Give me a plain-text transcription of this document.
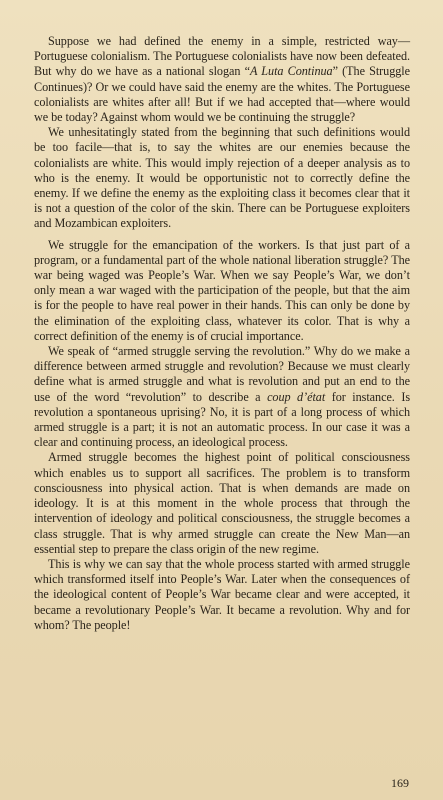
Suppose we had defined the enemy in a simple, restricted way—Portuguese colonialism. The Portuguese colonialists have now been defeated. But why do we have as a national slogan “A Luta Continua” (The Struggle Continues)? Or we could have said the enemy are the whites. The Portuguese colonialists are whites after all! But if we had accepted that—where would we be today? Against whom would we be continuing the struggle?

We unhesitatingly stated from the beginning that such definitions would be too facile—that is, to say the whites are our enemies because the colonialists are white. This would imply rejection of a deeper analysis as to who is the enemy. It would be opportunistic not to correctly define the enemy. If we define the enemy as the exploiting class it becomes clear that it is not a question of the color of the skin. There can be Portuguese exploiters and Mozambican exploiters.

We struggle for the emancipation of the workers. Is that just part of a program, or a fundamental part of the whole national liberation struggle? The war being waged was People’s War. When we say People’s War, we don’t only mean a war waged with the participation of the people, but that the aim is for the people to have real power in their hands. This can only be done by the elimination of the exploiting class, whatever its color. That is why a correct definition of the enemy is of crucial importance.

We speak of “armed struggle serving the revolution.” Why do we make a difference between armed struggle and revolution? Because we must clearly define what is armed struggle and what is revolution and put an end to the use of the word “revolution” to describe a coup d’état for instance. Is revolution a spontaneous uprising? No, it is part of a long process of which armed struggle is a part; it is not an automatic process. In our case it was a clear and continuing process, an ideological process.

Armed struggle becomes the highest point of political consciousness which enables us to support all sacrifices. The problem is to transform consciousness into physical action. That is when demands are made on ideology. It is at this moment in the whole process that through the intervention of ideology and political consciousness, the struggle becomes a class struggle. That is why armed struggle can create the New Man—an essential step to prepare the class origin of the new regime.

This is why we can say that the whole process started with armed struggle which transformed itself into People’s War. Later when the consequences of the ideological content of People’s War became clear and were accepted, it became a revolutionary People’s War. It became a revolution. Why and for whom? The people!

169
